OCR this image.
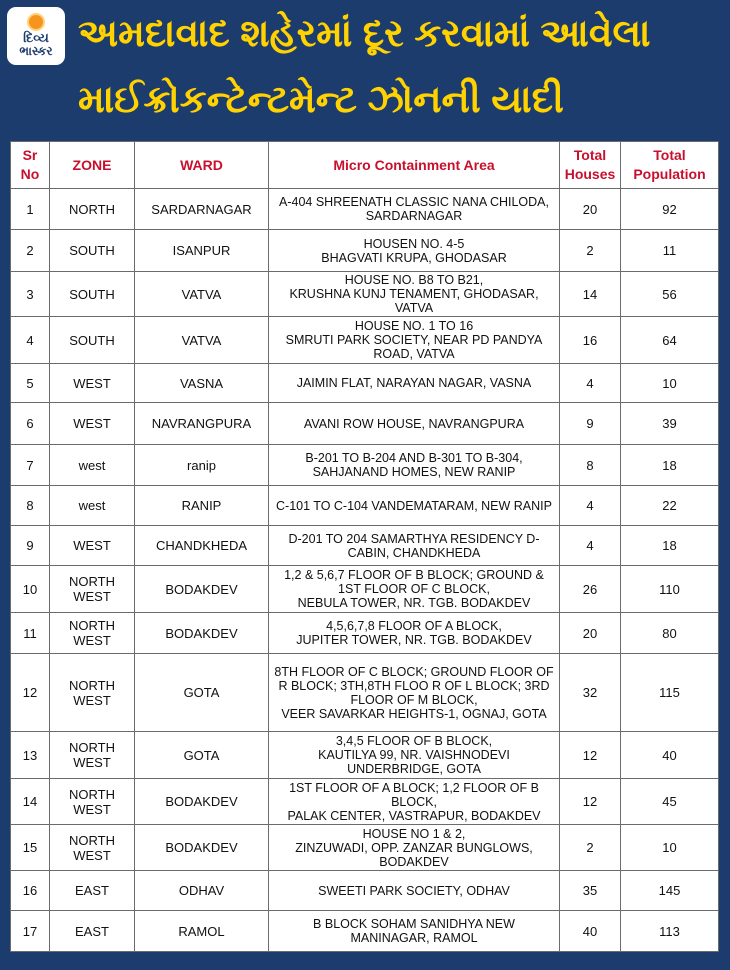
દિવ્ય
ભાસ્કર અમદાવાદ શહેરમાં દૂર કરવામાં આવેલા
માઈક્રોકન્ટેન્ટમેન્ટ ઝોનની યાદી
Sr No	ZONE	WARD	Micro Containment Area	Total Houses	Total Population
1	NORTH	SARDARNAGAR	A-404 SHREENATH CLASSIC NANA CHILODA, SARDARNAGAR	20	92
2	SOUTH	ISANPUR	HOUSEN NO. 4-5
BHAGVATI KRUPA, GHODASAR	2	11
3	SOUTH	VATVA	HOUSE NO. B8 TO B21,
KRUSHNA KUNJ TENAMENT, GHODASAR, VATVA	14	56
4	SOUTH	VATVA	HOUSE NO. 1 TO 16
SMRUTI PARK SOCIETY, NEAR PD PANDYA ROAD, VATVA	16	64
5	WEST	VASNA	JAIMIN FLAT, NARAYAN NAGAR, VASNA	4	10
6	WEST	NAVRANGPURA	AVANI ROW HOUSE, NAVRANGPURA	9	39
7	west	ranip	B-201 TO B-204 AND B-301 TO B-304, SAHJANAND HOMES, NEW RANIP	8	18
8	west	RANIP	C-101 TO C-104 VANDEMATARAM, NEW RANIP	4	22
9	WEST	CHANDKHEDA	D-201 TO 204 SAMARTHYA RESIDENCY D-CABIN, CHANDKHEDA	4	18
10	NORTH WEST	BODAKDEV	1,2 & 5,6,7 FLOOR OF B BLOCK; GROUND & 1ST FLOOR OF C BLOCK,
NEBULA TOWER, NR. TGB. BODAKDEV	26	110
11	NORTH WEST	BODAKDEV	4,5,6,7,8 FLOOR OF A BLOCK,
JUPITER TOWER, NR. TGB. BODAKDEV	20	80
12	NORTH WEST	GOTA	8TH FLOOR OF C BLOCK; GROUND FLOOR OF R BLOCK; 3TH,8TH FLOO R OF L BLOCK; 3RD FLOOR OF M BLOCK,
VEER SAVARKAR HEIGHTS-1, OGNAJ, GOTA	32	115
13	NORTH WEST	GOTA	3,4,5 FLOOR OF B BLOCK,
KAUTILYA 99, NR. VAISHNODEVI UNDERBRIDGE, GOTA	12	40
14	NORTH WEST	BODAKDEV	1ST FLOOR OF A BLOCK; 1,2 FLOOR OF B BLOCK,
PALAK CENTER, VASTRAPUR, BODAKDEV	12	45
15	NORTH WEST	BODAKDEV	HOUSE NO 1 & 2,
ZINZUWADI, OPP. ZANZAR BUNGLOWS, BODAKDEV	2	10
16	EAST	ODHAV	SWEETI PARK SOCIETY, ODHAV	35	145
17	EAST	RAMOL	B BLOCK SOHAM SANIDHYA NEW MANINAGAR, RAMOL	40	113
